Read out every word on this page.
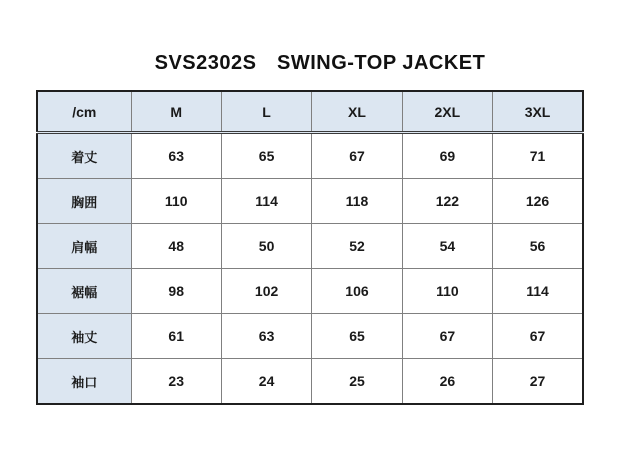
SVS2302S　SWING-TOP JACKET
/cm	M	L	XL	2XL	3XL
着丈	63	65	67	69	71
胸囲	110	114	118	122	126
肩幅	48	50	52	54	56
裾幅	98	102	106	110	114
袖丈	61	63	65	67	67
袖口	23	24	25	26	27
